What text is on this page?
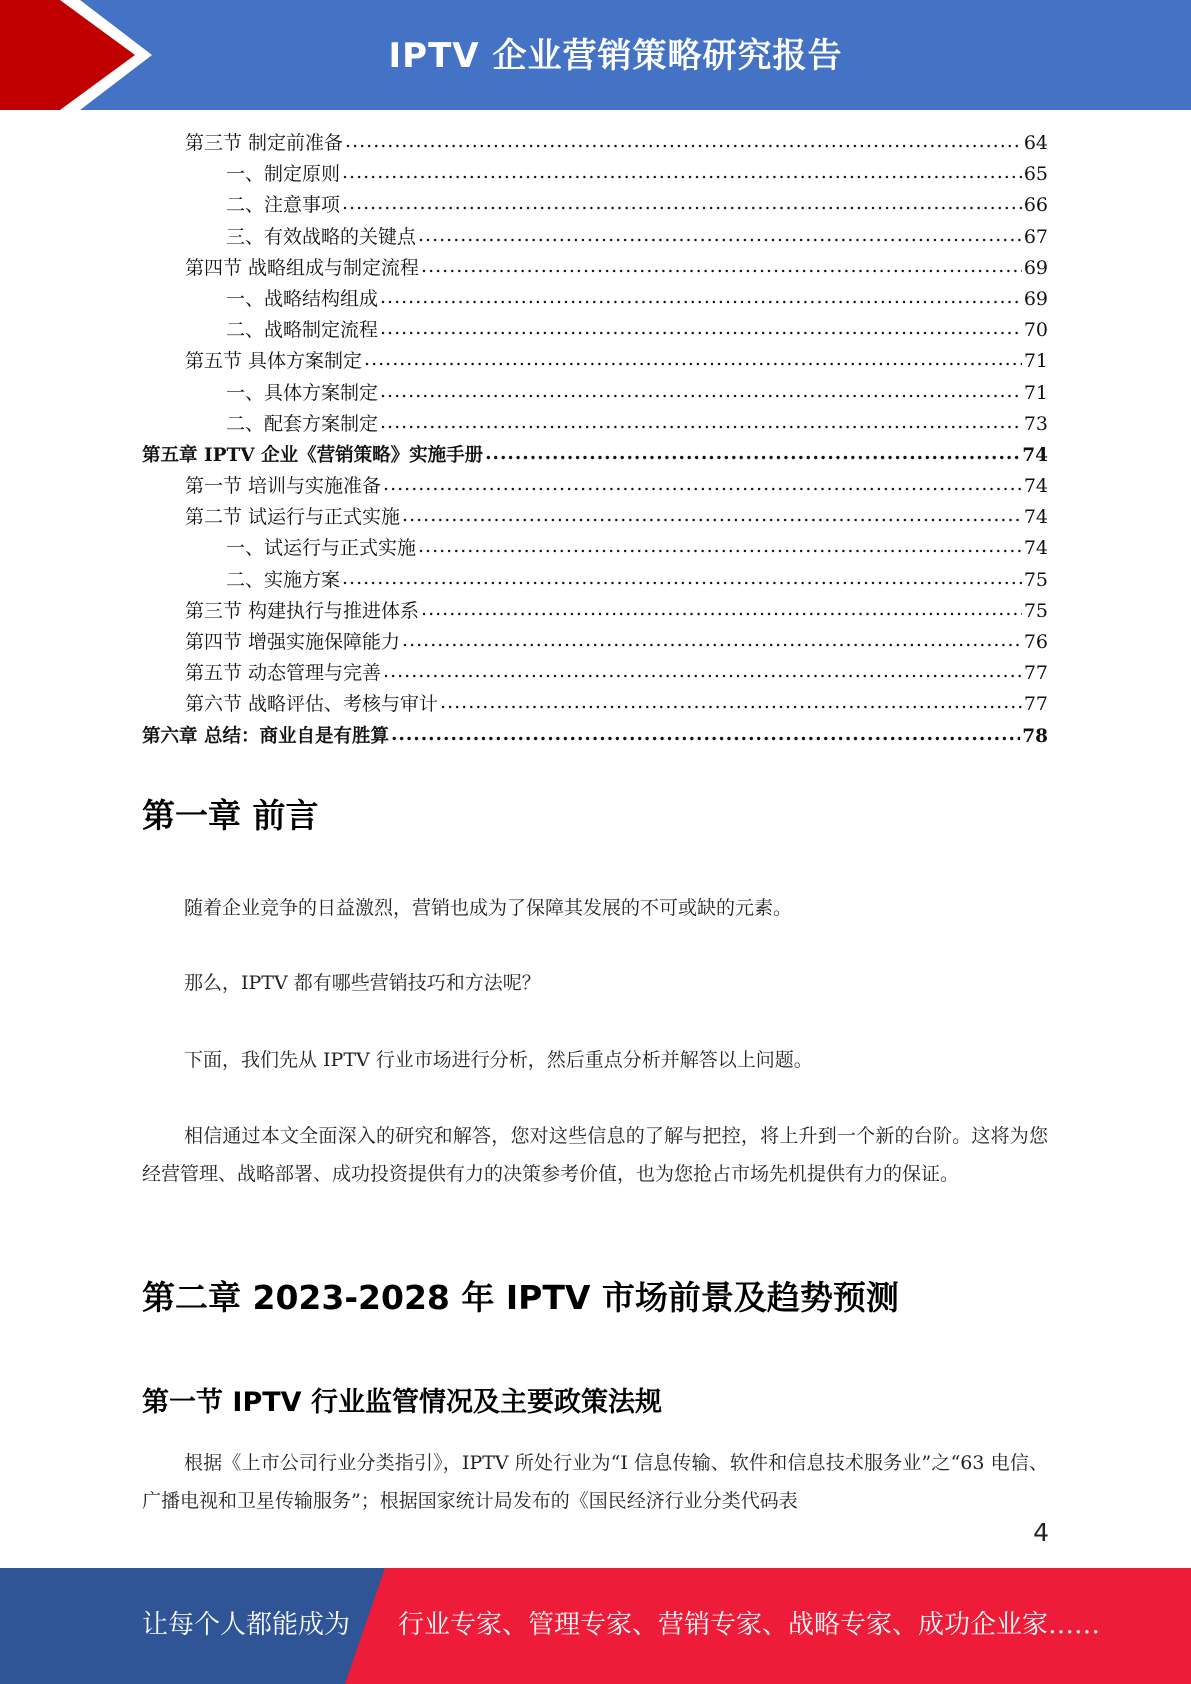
IPTV 企业营销策略研究报告
第三节 制定前准备 .....	64
一、制定原则 .....	65
二、注意事项 .....	66
三、有效战略的关键点 .....	67
第四节 战略组成与制定流程 .....	69
一、战略结构组成 .....	69
二、战略制定流程 .....	70
第五节 具体方案制定 .....	71
一、具体方案制定 .....	71
二、配套方案制定 .....	73
第五章 IPTV 企业《营销策略》实施手册 .....	74
第一节 培训与实施准备 .....	74
第二节 试运行与正式实施 .....	74
一、试运行与正式实施 .....	74
二、实施方案 .....	75
第三节 构建执行与推进体系 .....	75
第四节 增强实施保障能力 .....	76
第五节 动态管理与完善 .....	77
第六节 战略评估、考核与审计 .....	77
第六章 总结：商业自是有胜算 .....	78
第一章 前言

随着企业竞争的日益激烈，营销也成为了保障其发展的不可或缺的元素。

那么，IPTV 都有哪些营销技巧和方法呢？

下面，我们先从 IPTV 行业市场进行分析，然后重点分析并解答以上问题。

相信通过本文全面深入的研究和解答，您对这些信息的了解与把控，将上升到一个新的台阶。这将为您经营管理、战略部署、成功投资提供有力的决策参考价值，也为您抢占市场先机提供有力的保证。

第二章 2023-2028 年 IPTV 市场前景及趋势预测
第一节 IPTV 行业监管情况及主要政策法规

根据《上市公司行业分类指引》，IPTV 所处行业为“I 信息传输、软件和信息技术服务业”之“63 电信、广播电视和卫星传输服务”；根据国家统计局发布的《国民经济行业分类代码表

4
让每个人都能成为 行业专家、管理专家、营销专家、战略专家、成功企业家……
